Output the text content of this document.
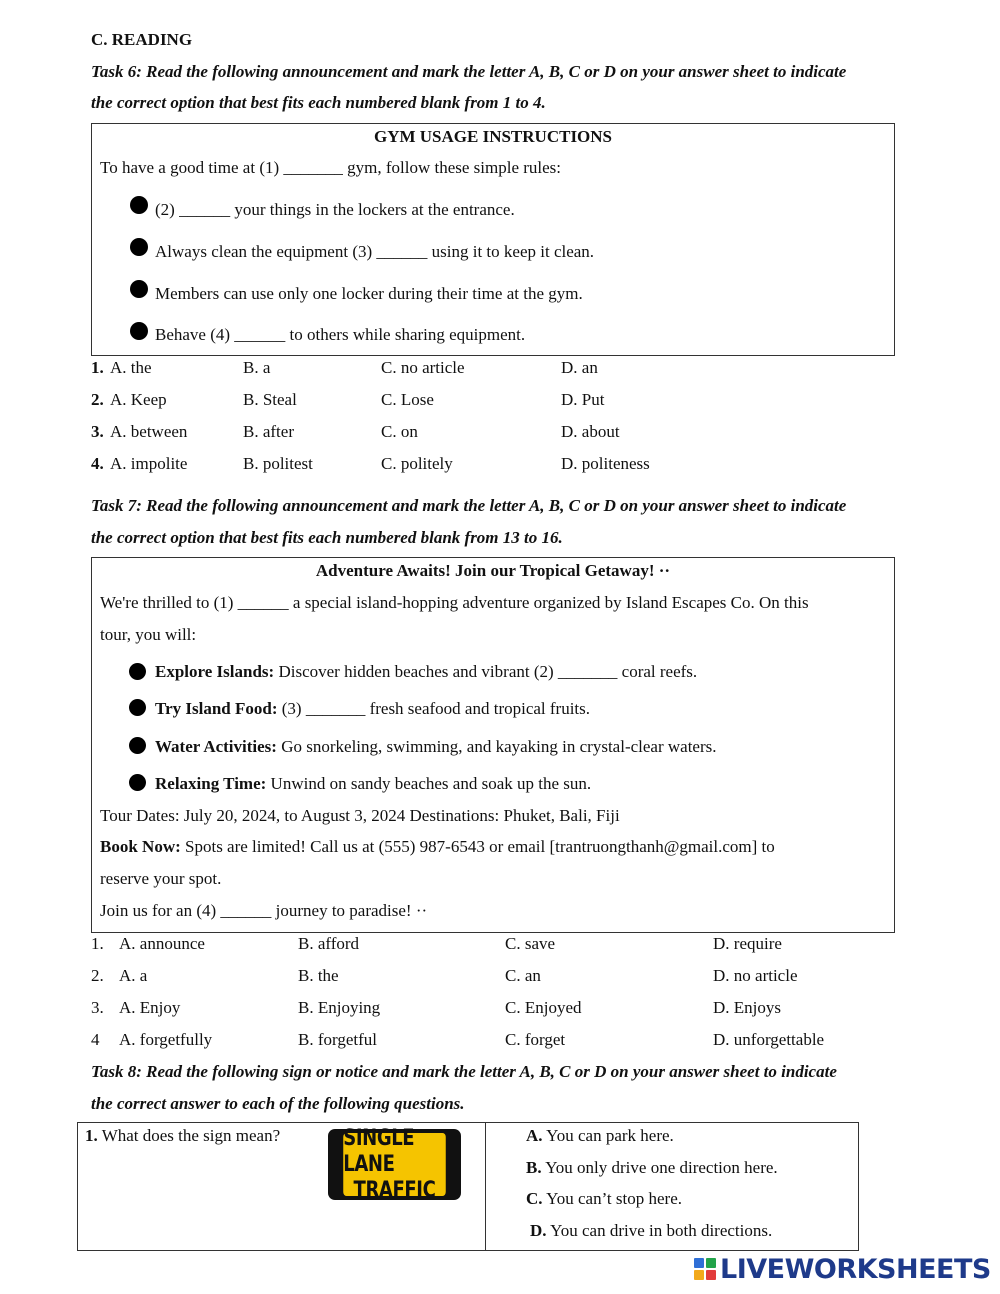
C. READING
Task 6: Read the following announcement and mark the letter A, B, C or D on your answer sheet to indicate
the correct option that best fits each numbered blank from 1 to 4.
GYM USAGE INSTRUCTIONS
To have a good time at (1) _______ gym, follow these simple rules:
(2) ______ your things in the lockers at the entrance.
Always clean the equipment (3) ______ using it to keep it clean.
Members can use only one locker during their time at the gym.
Behave (4) ______ to others while sharing equipment.
1. A. the	B. a	C. no article	D. an
2. A. Keep	B. Steal	C. Lose	D. Put
3. A. between	B. after	C. on	D. about
4. A. impolite	B. politest	C. politely	D. politeness
Task 7: Read the following announcement and mark the letter A, B, C or D on your answer sheet to indicate
the correct option that best fits each numbered blank from 13 to 16.
Adventure Awaits! Join our Tropical Getaway! ··
We're thrilled to (1) ______ a special island-hopping adventure organized by Island Escapes Co. On this
tour, you will:
Explore Islands: Discover hidden beaches and vibrant (2) _______ coral reefs.
Try Island Food: (3) _______ fresh seafood and tropical fruits.
Water Activities: Go snorkeling, swimming, and kayaking in crystal-clear waters.
Relaxing Time: Unwind on sandy beaches and soak up the sun.
Tour Dates: July 20, 2024, to August 3, 2024 Destinations: Phuket, Bali, Fiji
Book Now: Spots are limited! Call us at (555) 987-6543 or email [trantruongthanh@gmail.com] to
reserve your spot.
Join us for an (4) ______ journey to paradise! ··
1. A. announce	B. afford	C. save	D. require
2. A. a	B. the	C. an	D. no article
3. A. Enjoy	B. Enjoying	C. Enjoyed	D. Enjoys
4 A. forgetfully	B. forgetful	C. forget	D. unforgettable
Task 8: Read the following sign or notice and mark the letter A, B, C or D on your answer sheet to indicate
the correct answer to each of the following questions.
1. What does the sign mean?	SINGLE LANE
TRAFFIC
A. You can park here.
B. You only drive one direction here.
C. You can’t stop here.
D. You can drive in both directions.
LIVEWORKSHEETS
